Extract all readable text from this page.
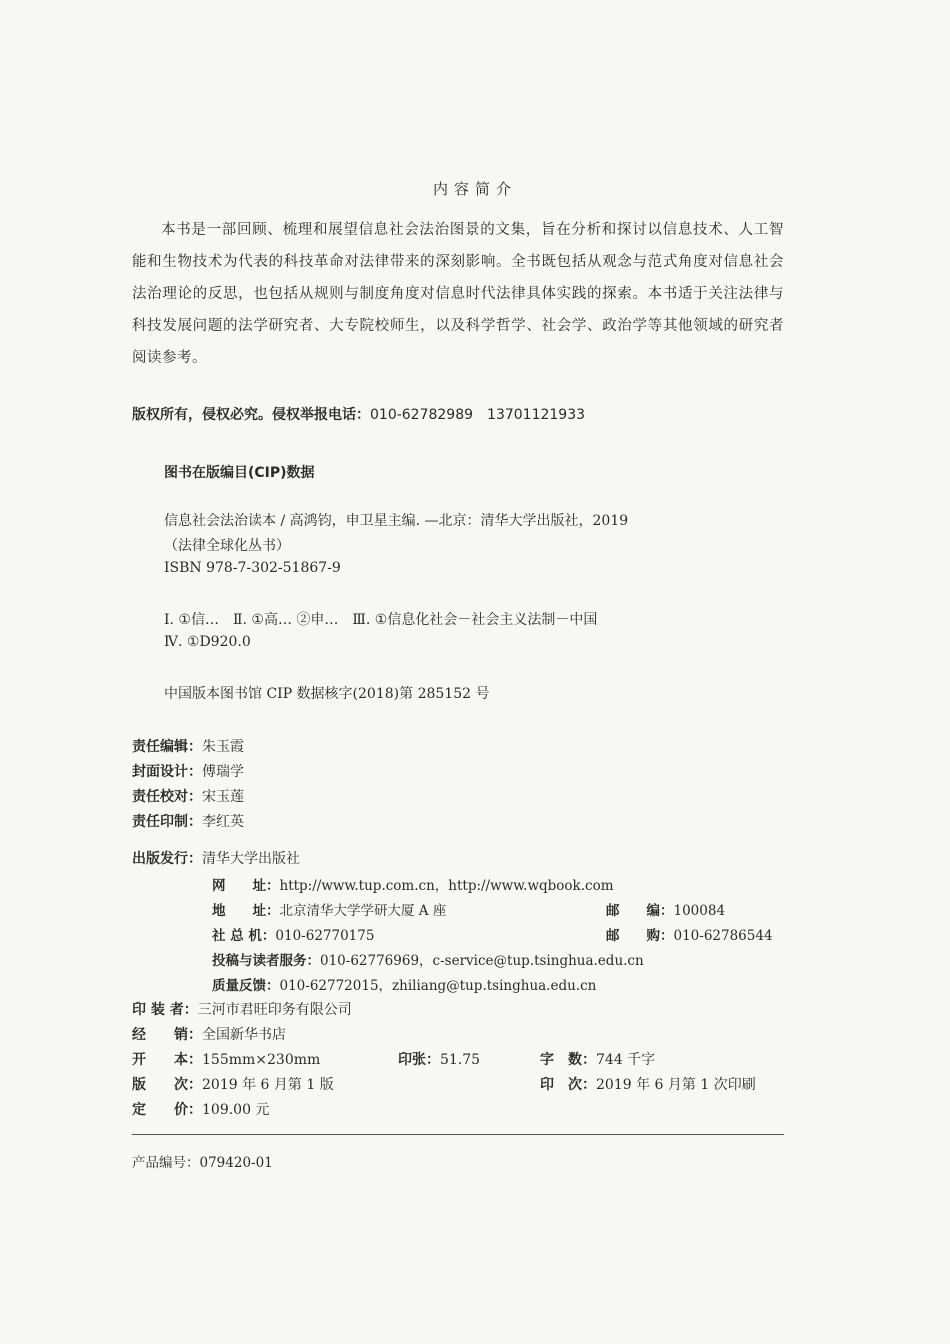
内容简介
本书是一部回顾、梳理和展望信息社会法治图景的文集，旨在分析和探讨以信息技术、人工智能和生物技术为代表的科技革命对法律带来的深刻影响。全书既包括从观念与范式角度对信息社会法治理论的反思，也包括从规则与制度角度对信息时代法律具体实践的探索。本书适于关注法律与科技发展问题的法学研究者、大专院校师生，以及科学哲学、社会学、政治学等其他领域的研究者阅读参考。
版权所有，侵权必究。侵权举报电话：010-62782989　13701121933
图书在版编目(CIP)数据
信息社会法治读本 / 高鸿钧，申卫星主编. —北京：清华大学出版社，2019
（法律全球化丛书）
ISBN 978-7-302-51867-9
Ⅰ. ①信…　Ⅱ. ①高… ②申…　Ⅲ. ①信息化社会－社会主义法制－中国
Ⅳ. ①D920.0
中国版本图书馆 CIP 数据核字(2018)第 285152 号
责任编辑：朱玉霞
封面设计：傅瑞学
责任校对：宋玉莲
责任印制：李红英
出版发行：清华大学出版社
网　　址：http://www.tup.com.cn，http://www.wqbook.com
地　　址：北京清华大学学研大厦 A 座	邮　　编：100084
社 总 机：010-62770175	邮　　购：010-62786544
投稿与读者服务：010-62776969，c-service@tup.tsinghua.edu.cn
质量反馈：010-62772015，zhiliang@tup.tsinghua.edu.cn
印 装 者：三河市君旺印务有限公司
经　　销：全国新华书店
开　　本：155mm×230mm	印张：51.75	字　数：744 千字
版　　次：2019 年 6 月第 1 版	印　次：2019 年 6 月第 1 次印刷
定　　价：109.00 元
产品编号：079420-01
